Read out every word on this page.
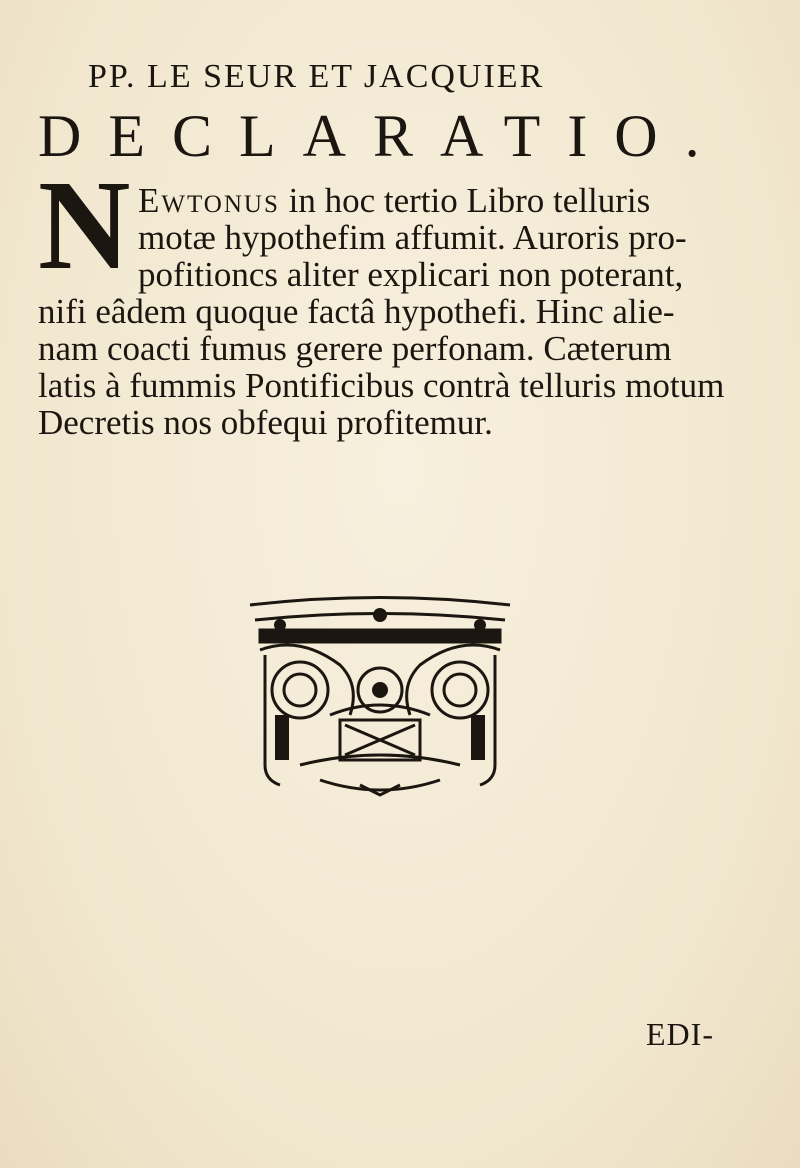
PP. LE SEUR ET JACQUIER
DECLARATIO.
N Ewtonus in hoc tertio Libro telluris
motæ hypothefim affumit. Auroris pro-
pofitioncs aliter explicari non poterant,
nifi eâdem quoque factâ hypothefi. Hinc alie-
nam coacti fumus gerere perfonam. Cæterum
latis à fummis Pontificibus contrà telluris motum
Decretis nos obfequi profitemur.
EDI-
